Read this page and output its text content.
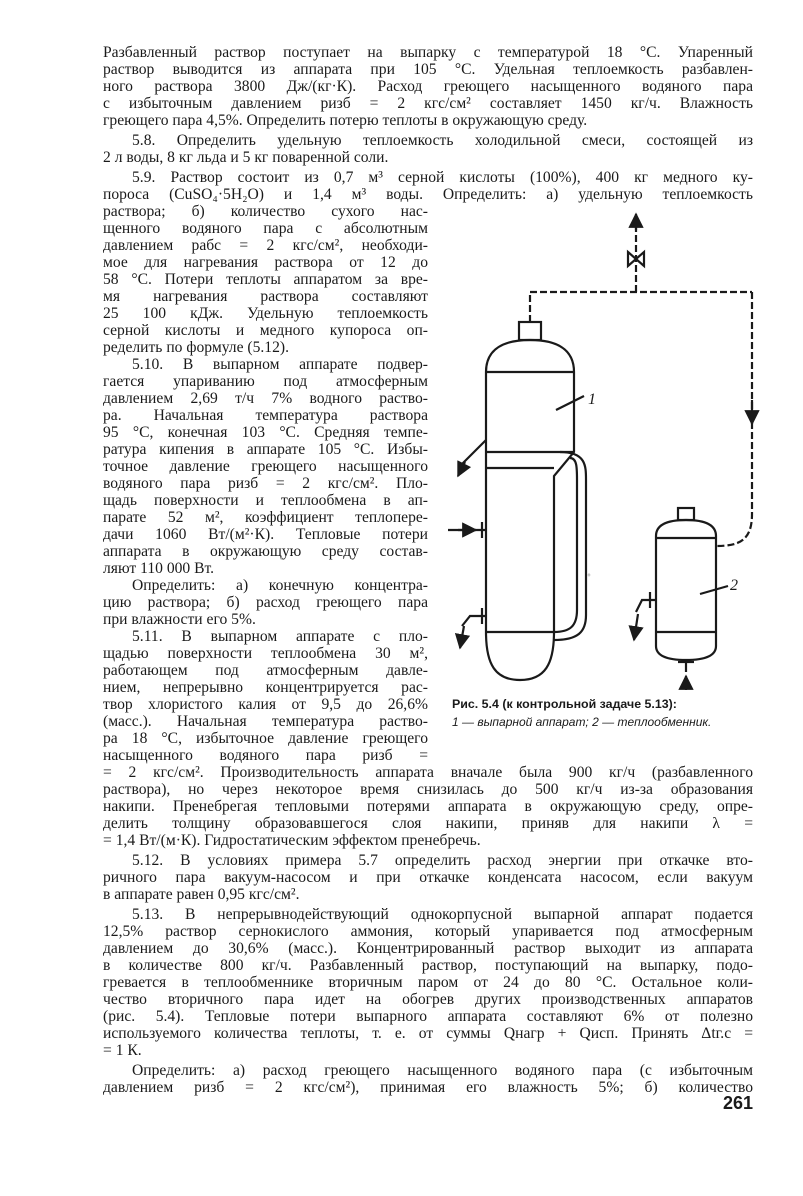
Разбавленный раствор поступает на выпарку с температурой 18 °С. Упаренный
раствор выводится из аппарата при 105 °С. Удельная теплоемкость разбавлен-
ного раствора 3800 Дж/(кг·К). Расход греющего насыщенного водяного пара
с избыточным давлением pизб = 2 кгс/см² составляет 1450 кг/ч. Влажность
греющего пара 4,5%. Определить потерю теплоты в окружающую среду.
5.8. Определить удельную теплоемкость холодильной смеси, состоящей из
2 л воды, 8 кг льда и 5 кг поваренной соли.
5.9. Раствор состоит из 0,7 м³ серной кислоты (100%), 400 кг медного ку-
пороса (CuSO₄·5H₂O) и 1,4 м³ воды. Определить: а) удельную теплоемкость
раствора; б) количество сухого нас-
щенного водяного пара с абсолютным
давлением pабс = 2 кгс/см², необходи-
мое для нагревания раствора от 12 до
58 °С. Потери теплоты аппаратом за вре-
мя нагревания раствора составляют
25 100 кДж. Удельную теплоемкость
серной кислоты и медного купороса оп-
ределить по формуле (5.12).
5.10. В выпарном аппарате подвер-
гается упариванию под атмосферным
давлением 2,69 т/ч 7% водного раство-
ра. Начальная температура раствора
95 °С, конечная 103 °С. Средняя темпе-
ратура кипения в аппарате 105 °С. Избы-
точное давление греющего насыщенного
водяного пара pизб = 2 кгс/см². Пло-
щадь поверхности и теплообмена в ап-
парате 52 м², коэффициент теплопере-
дачи 1060 Вт/(м²·К). Тепловые потери
аппарата в окружающую среду состав-
ляют 110 000 Вт.
Определить: а) конечную концентра-
цию раствора; б) расход греющего пара
при влажности его 5%.
5.11. В выпарном аппарате с пло-
щадью поверхности теплообмена 30 м²,
работающем под атмосферным давле-
нием, непрерывно концентрируется рас-
твор хлористого калия от 9,5 до 26,6%
(масс.). Начальная температура раство-
ра 18 °С, избыточное давление греющего
насыщенного водяного пара pизб =
= 2 кгс/см². Производительность аппарата вначале была 900 кг/ч (разбавленного
раствора), но через некоторое время снизилась до 500 кг/ч из-за образования
накипи. Пренебрегая тепловыми потерями аппарата в окружающую среду, опре-
делить толщину образовавшегося слоя накипи, приняв для накипи λ =
= 1,4 Вт/(м·К). Гидростатическим эффектом пренебречь.
5.12. В условиях примера 5.7 определить расход энергии при откачке вто-
ричного пара вакуум-насосом и при откачке конденсата насосом, если вакуум
в аппарате равен 0,95 кгс/см².
5.13. В непрерывнодействующий однокорпусной выпарной аппарат подается
12,5% раствор сернокислого аммония, который упаривается под атмосферным
давлением до 30,6% (масс.). Концентрированный раствор выходит из аппарата
в количестве 800 кг/ч. Разбавленный раствор, поступающий на выпарку, подо-
гревается в теплообменнике вторичным паром от 24 до 80 °С. Остальное коли-
чество вторичного пара идет на обогрев других производственных аппаратов
(рис. 5.4). Тепловые потери выпарного аппарата составляют 6% от полезно
используемого количества теплоты, т. е. от суммы Qнагр + Qисп. Принять Δtг.с =
= 1 К.
Определить: а) расход греющего насыщенного водяного пара (с избыточным
давлением pизб = 2 кгс/см²), принимая его влажность 5%; б) количество
1
2
Рис. 5.4 (к контрольной задаче 5.13):
1 — выпарной аппарат; 2 — теплообменник.
261
